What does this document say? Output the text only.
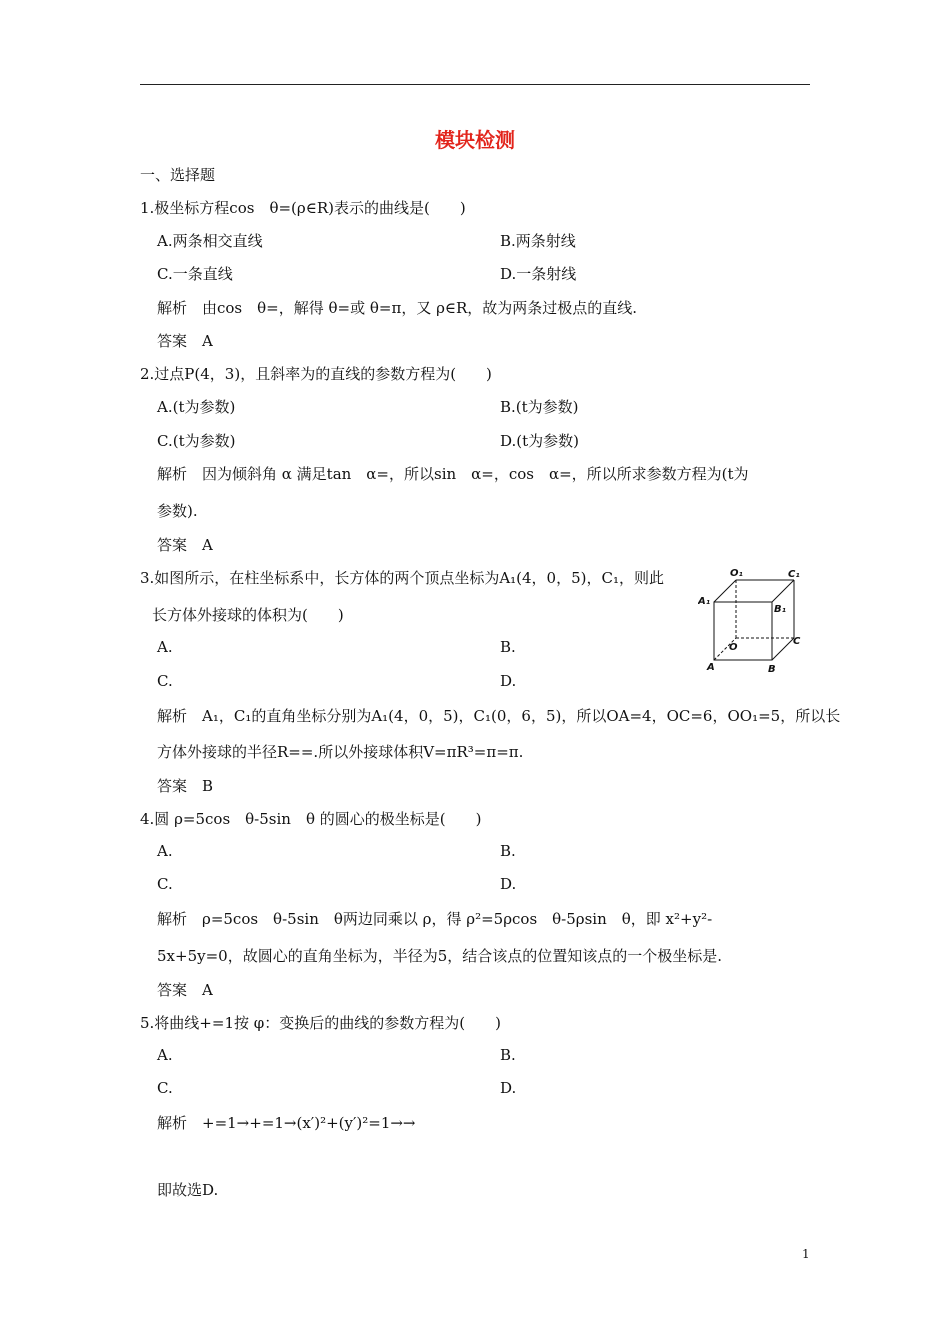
模块检测
一、选择题
1.极坐标方程cos　θ=(ρ∈R)表示的曲线是(　　)
A.两条相交直线	B.两条射线
C.一条直线	D.一条射线
解析　由cos　θ=，解得 θ=或 θ=π，又 ρ∈R，故为两条过极点的直线.
答案　A
2.过点P(4，3)，且斜率为的直线的参数方程为(　　)
A.(t为参数)	B.(t为参数)
C.(t为参数)	D.(t为参数)
解析　因为倾斜角 α 满足tan　α=，所以sin　α=，cos　α=，所以所求参数方程为(t为
参数).
答案　A
3.如图所示，在柱坐标系中，长方体的两个顶点坐标为A₁(4，0，5)，C₁，则此
长方体外接球的体积为(　　)
A.	B.
C.	D.
解析　A₁，C₁的直角坐标分别为A₁(4，0，5)，C₁(0，6，5)，所以OA=4，OC=6，OO₁=5，所以长
方体外接球的半径R==.所以外接球体积V=πR³=π=π.
答案　B
O₁	C₁
A₁
B₁
O
C
A	B
4.圆 ρ=5cos　θ-5sin　θ 的圆心的极坐标是(　　)
A.	B.
C.	D.
解析　ρ=5cos　θ-5sin　θ两边同乘以 ρ，得 ρ²=5ρcos　θ-5ρsin　θ，即 x²+y²-
5x+5y=0，故圆心的直角坐标为，半径为5，结合该点的位置知该点的一个极坐标是.
答案　A
5.将曲线+=1按 φ：变换后的曲线的参数方程为(　　)
A.	B.
C.	D.
解析　+=1→+=1→(x′)²+(y′)²=1→→
即故选D.
1
